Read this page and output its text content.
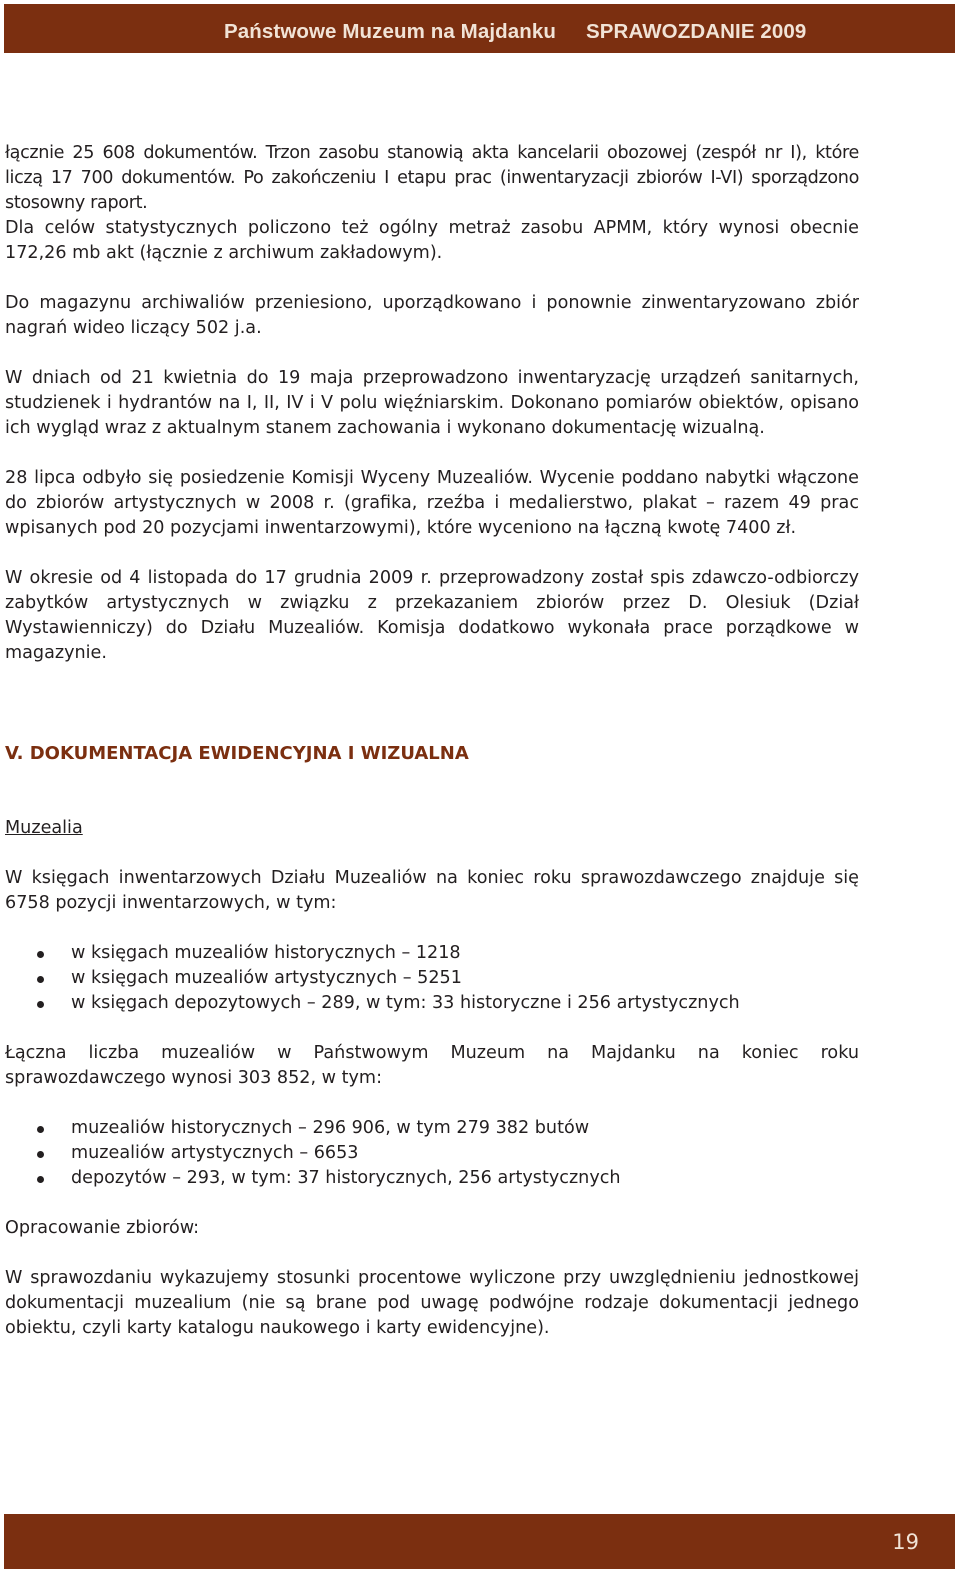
Państwowe Muzeum na Majdanku SPRAWOZDANIE 2009

łącznie 25 608 dokumentów. Trzon zasobu stanowią akta kancelarii obozowej (zespół nr I), które liczą 17 700 dokumentów. Po zakończeniu I etapu prac (inwentaryzacji zbiorów I-VI) sporządzono stosowny raport.

Dla celów statystycznych policzono też ogólny metraż zasobu APMM, który wynosi obecnie 172,26 mb akt (łącznie z archiwum zakładowym).

Do magazynu archiwaliów przeniesiono, uporządkowano i ponownie zinwentaryzowano zbiór nagrań wideo liczący 502 j.a.

W dniach od 21 kwietnia do 19 maja przeprowadzono inwentaryzację urządzeń sanitarnych, studzienek i hydrantów na I, II, IV i V polu więźniarskim. Dokonano pomiarów obiektów, opisano ich wygląd wraz z aktualnym stanem zachowania i wykonano dokumentację wizualną.

28 lipca odbyło się posiedzenie Komisji Wyceny Muzealiów. Wycenie poddano nabytki włączone do zbiorów artystycznych w 2008 r. (grafika, rzeźba i medalierstwo, plakat – razem 49 prac wpisanych pod 20 pozycjami inwentarzowymi), które wyceniono na łączną kwotę 7400 zł.

W okresie od 4 listopada do 17 grudnia 2009 r. przeprowadzony został spis zdawczo-odbiorczy zabytków artystycznych w związku z przekazaniem zbiorów przez D. Olesiuk (Dział Wystawienniczy) do Działu Muzealiów. Komisja dodatkowo wykonała prace porządkowe w magazynie.

V. DOKUMENTACJA EWIDENCYJNA I WIZUALNA
Muzealia

W księgach inwentarzowych Działu Muzealiów na koniec roku sprawozdawczego znajduje się 6758 pozycji inwentarzowych, w tym:

w księgach muzealiów historycznych – 1218
w księgach muzealiów artystycznych – 5251
w księgach depozytowych – 289, w tym: 33 historyczne i 256 artystycznych

Łączna liczba muzealiów w Państwowym Muzeum na Majdanku na koniec roku sprawozdawczego wynosi 303 852, w tym:

muzealiów historycznych – 296 906, w tym 279 382 butów
muzealiów artystycznych – 6653
depozytów – 293, w tym: 37 historycznych, 256 artystycznych

Opracowanie zbiorów:

W sprawozdaniu wykazujemy stosunki procentowe wyliczone przy uwzględnieniu jednostkowej dokumentacji muzealium (nie są brane pod uwagę podwójne rodzaje dokumentacji jednego obiektu, czyli karty katalogu naukowego i karty ewidencyjne).

19
